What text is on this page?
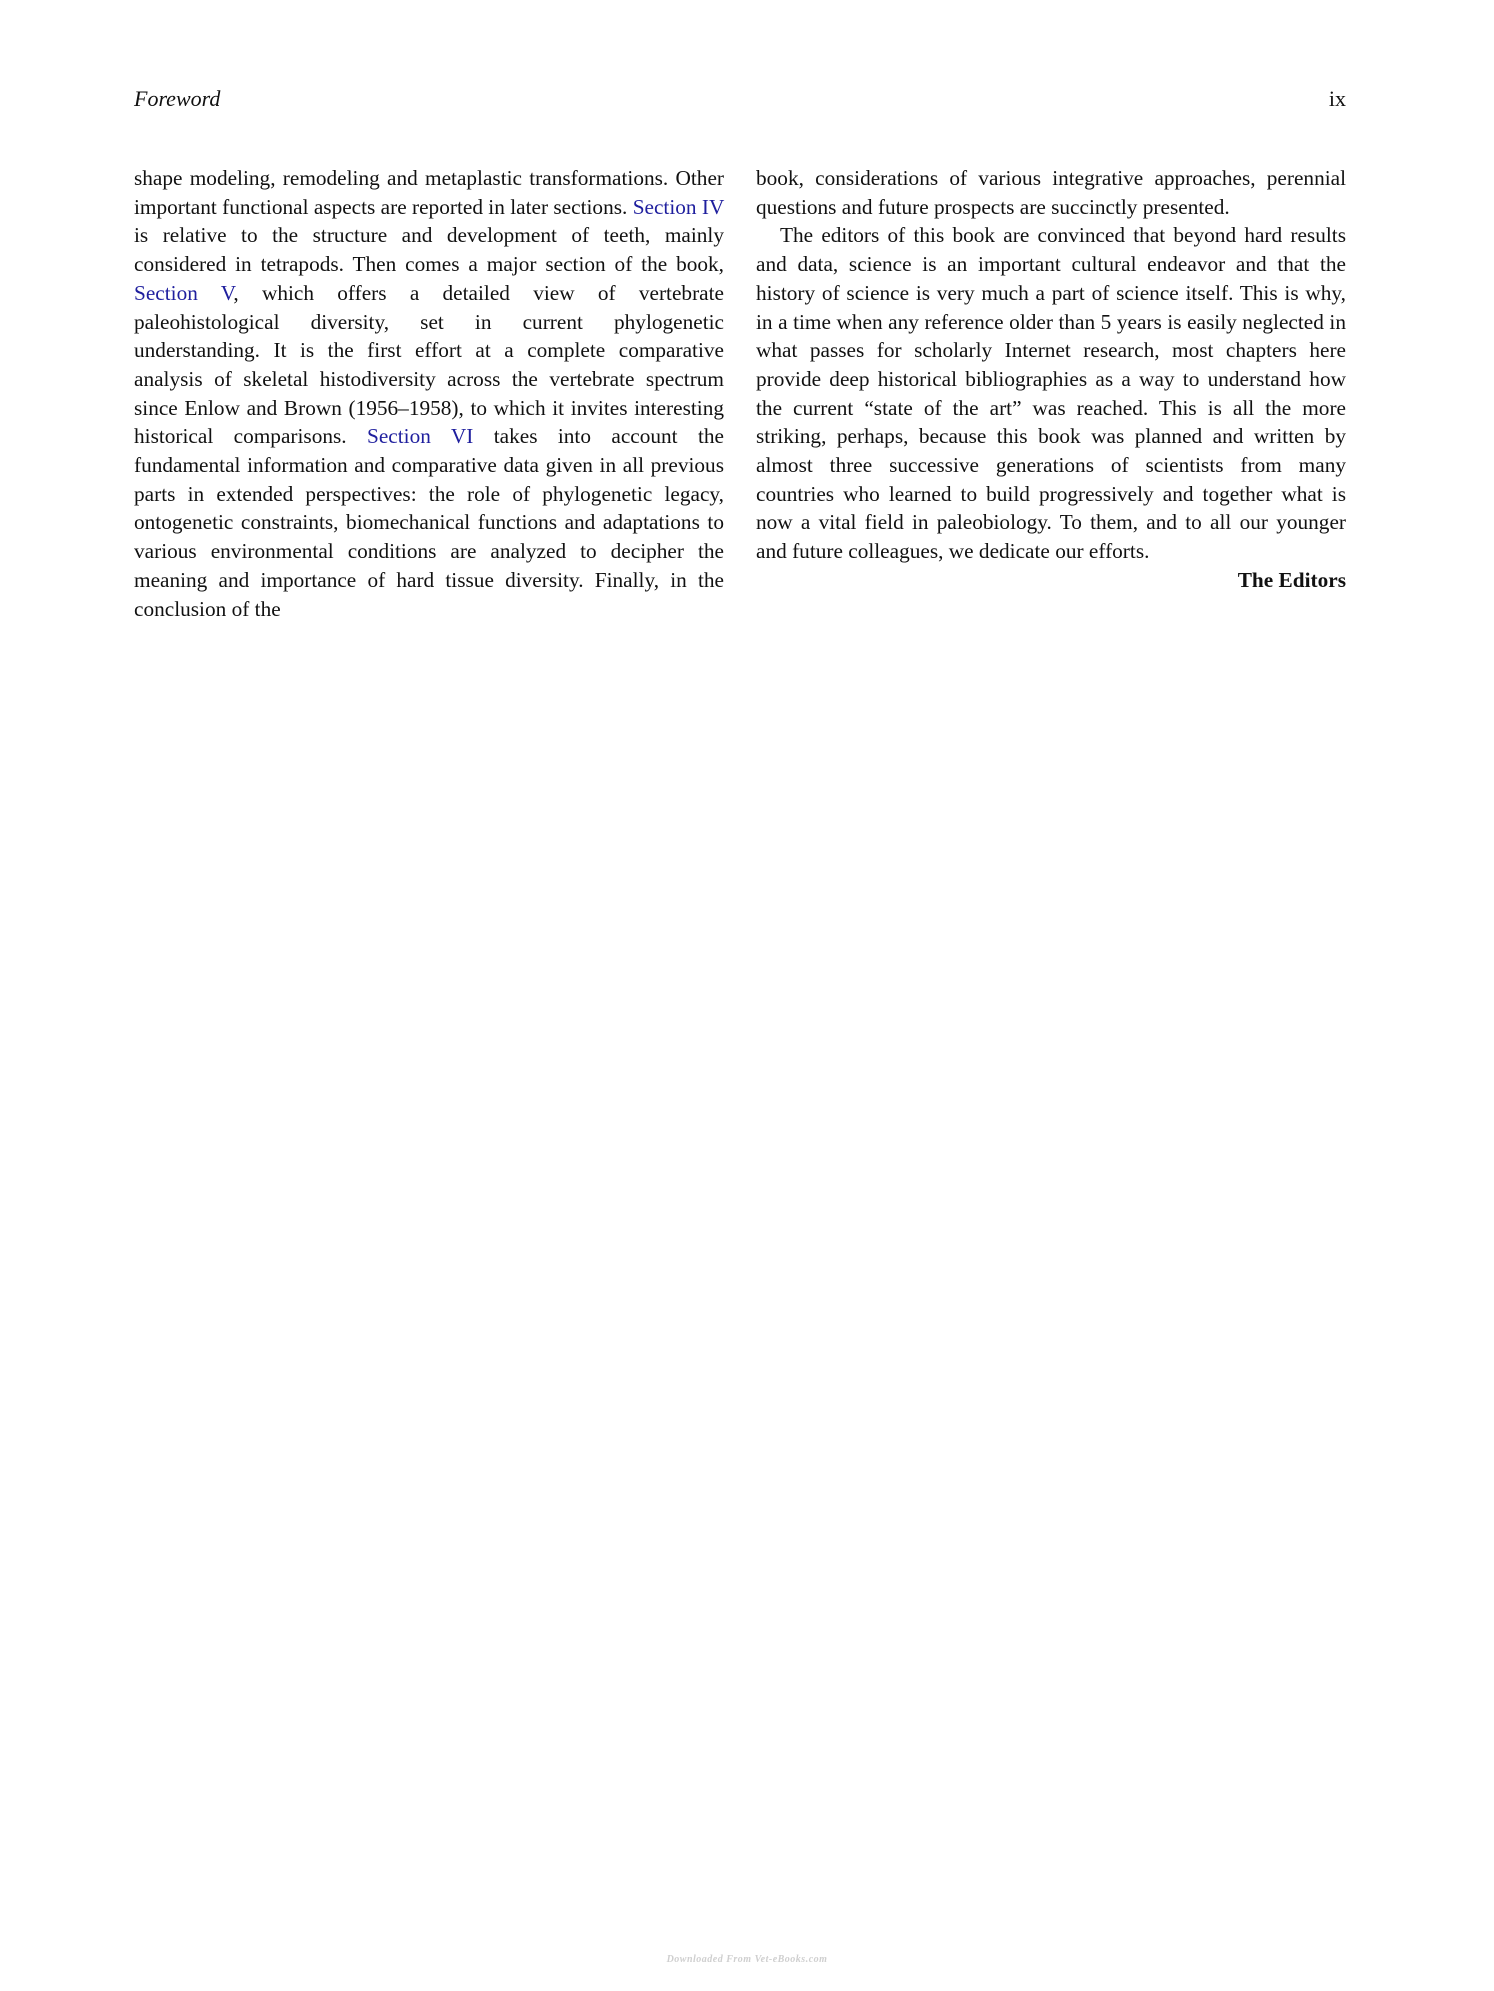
Foreword	ix

shape modeling, remodeling and metaplastic transformations. Other important functional aspects are reported in later sections. Section IV is relative to the structure and development of teeth, mainly considered in tetrapods. Then comes a major section of the book, Section V, which offers a detailed view of vertebrate paleohistological diversity, set in current phylogenetic understanding. It is the first effort at a complete comparative analysis of skeletal histodiversity across the vertebrate spectrum since Enlow and Brown (1956–1958), to which it invites interesting historical comparisons. Section VI takes into account the fundamental information and comparative data given in all previous parts in extended perspectives: the role of phylogenetic legacy, ontogenetic constraints, biomechanical functions and adaptations to various environmental conditions are analyzed to decipher the meaning and importance of hard tissue diversity. Finally, in the conclusion of the

book, considerations of various integrative approaches, perennial questions and future prospects are succinctly presented.

The editors of this book are convinced that beyond hard results and data, science is an important cultural endeavor and that the history of science is very much a part of science itself. This is why, in a time when any reference older than 5 years is easily neglected in what passes for scholarly Internet research, most chapters here provide deep historical bibliographies as a way to understand how the current “state of the art” was reached. This is all the more striking, perhaps, because this book was planned and written by almost three successive generations of scientists from many countries who learned to build progressively and together what is now a vital field in paleobiology. To them, and to all our younger and future colleagues, we dedicate our efforts.

The Editors

Downloaded From Vet-eBooks.com
